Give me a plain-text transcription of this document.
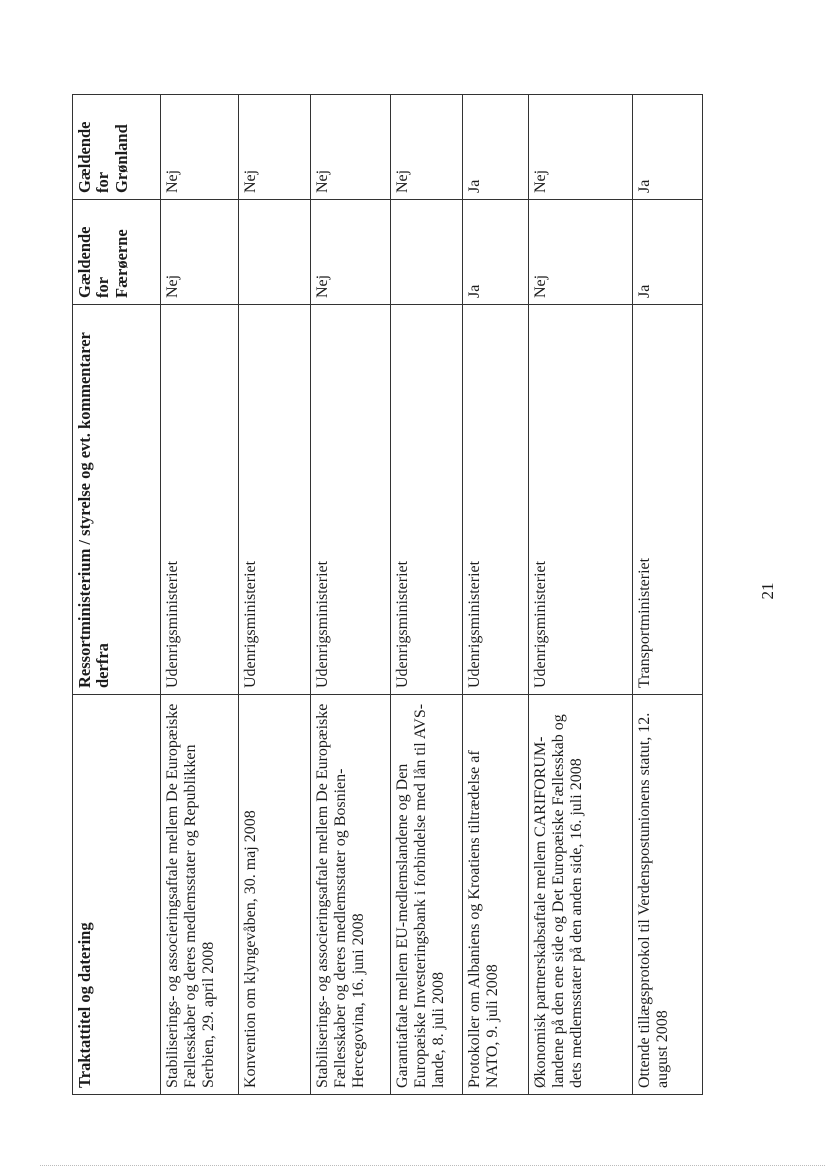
Traktattitel og datering	Ressortministerium / styrelse og evt. kommentarer derfra	Gældende for Færøerne	Gældende for Grønland
Stabiliserings- og associeringsaftale mellem De Europæiske Fællesskaber og deres medlemsstater og Republikken Serbien, 29. april 2008	Udenrigsministeriet	Nej	Nej
Konvention om klyngevåben, 30. maj 2008	Udenrigsministeriet		Nej
Stabiliserings- og associeringsaftale mellem De Europæiske Fællesskaber og deres medlemsstater og Bosnien-Hercegovina, 16. juni 2008	Udenrigsministeriet	Nej	Nej
Garantiaftale mellem EU-medlemslandene og Den Europæiske Investeringsbank i forbindelse med lån til AVS-lande, 8. juli 2008	Udenrigsministeriet		Nej
Protokoller om Albaniens og Kroatiens tiltrædelse af NATO, 9. juli 2008	Udenrigsministeriet	Ja	Ja
Økonomisk partnerskabsaftale mellem CARIFORUM-landene på den ene side og Det Europæiske Fællesskab og dets medlemsstater på den anden side, 16. juli 2008	Udenrigsministeriet	Nej	Nej
Ottende tillægsprotokol til Verdenspostunionens statut, 12. august 2008	Transportministeriet	Ja	Ja
21
